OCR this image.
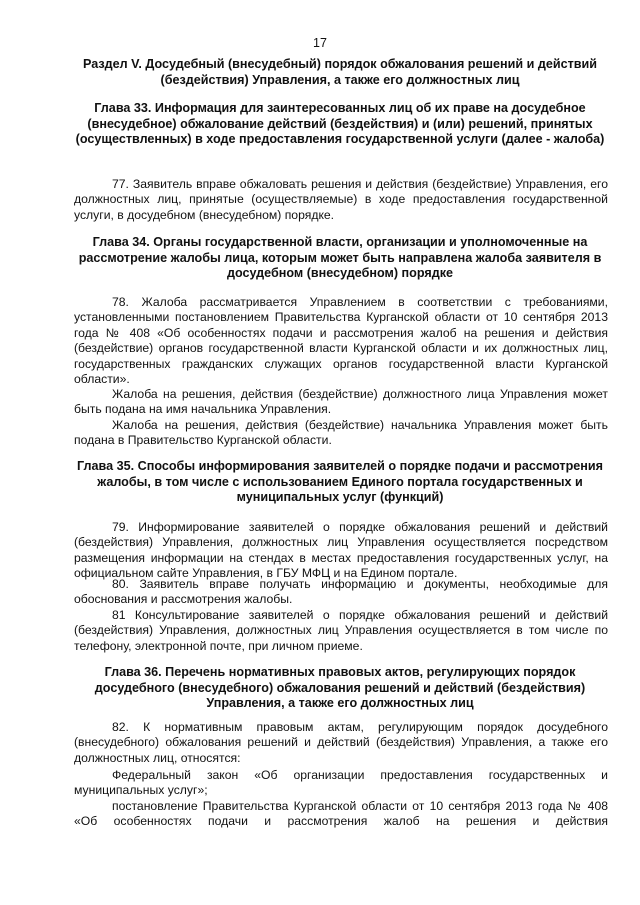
17
Раздел V. Досудебный (внесудебный) порядок обжалования решений и действий (бездействия) Управления, а также его должностных лиц
Глава 33. Информация для заинтересованных лиц об их праве на досудебное (внесудебное) обжалование действий (бездействия) и (или) решений, принятых (осуществленных) в ходе предоставления государственной услуги (далее - жалоба)
77. Заявитель вправе обжаловать решения и действия (бездействие) Управления, его должностных лиц, принятые (осуществляемые) в ходе предоставления государственной услуги, в досудебном (внесудебном) порядке.
Глава 34. Органы государственной власти, организации и уполномоченные на рассмотрение жалобы лица, которым может быть направлена жалоба заявителя в досудебном (внесудебном) порядке
78. Жалоба рассматривается Управлением в соответствии с требованиями, установленными постановлением Правительства Курганской области от 10 сентября 2013 года № 408 «Об особенностях подачи и рассмотрения жалоб на решения и действия (бездействие) органов государственной власти Курганской области и их должностных лиц, государственных гражданских служащих органов государственной власти Курганской области».
Жалоба на решения, действия (бездействие) должностного лица Управления может быть подана на имя начальника Управления.
Жалоба на решения, действия (бездействие) начальника Управления может быть подана в Правительство Курганской области.
Глава 35. Способы информирования заявителей о порядке подачи и рассмотрения жалобы, в том числе с использованием Единого портала государственных и муниципальных услуг (функций)
79. Информирование заявителей о порядке обжалования решений и действий (бездействия) Управления, должностных лиц Управления осуществляется посредством размещения информации на стендах в местах предоставления государственных услуг, на официальном сайте Управления, в ГБУ МФЦ и на Едином портале.
80. Заявитель вправе получать информацию и документы, необходимые для обоснования и рассмотрения жалобы.
81 Консультирование заявителей о порядке обжалования решений и действий (бездействия) Управления, должностных лиц Управления осуществляется в том числе по телефону, электронной почте, при личном приеме.
Глава 36. Перечень нормативных правовых актов, регулирующих порядок досудебного (внесудебного) обжалования решений и действий (бездействия) Управления, а также его должностных лиц
82. К нормативным правовым актам, регулирующим порядок досудебного (внесудебного) обжалования решений и действий (бездействия) Управления, а также его должностных лиц, относятся:
Федеральный закон «Об организации предоставления государственных и муниципальных услуг»;
постановление Правительства Курганской области от 10 сентября 2013 года № 408 «Об особенностях подачи и рассмотрения жалоб на решения и действия
